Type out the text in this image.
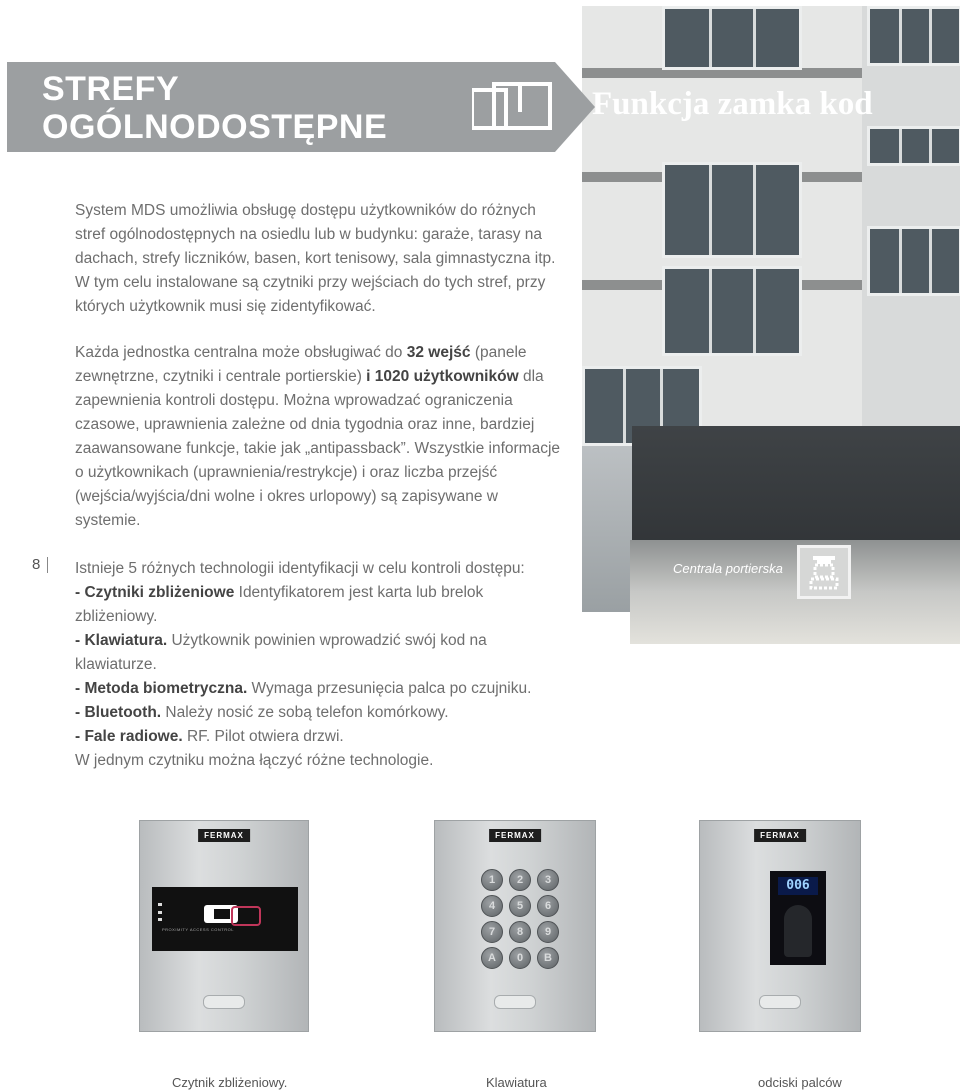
Centrala portierska
STREFY
OGÓLNODOSTĘPNE
Funkcja zamka kod
System MDS umożliwia obsługę dostępu użytkowników do różnych stref ogólnodostępnych na osiedlu lub w budynku: garaże, tarasy na dachach, strefy liczników, basen, kort tenisowy, sala gimnastyczna itp. W tym celu instalowane są czytniki przy wejściach do tych stref, przy których użytkownik musi się zidentyfikować.
Każda jednostka centralna może obsługiwać do 32 wejść (panele zewnętrzne, czytniki i centrale portierskie) i 1020 użytkowników dla zapewnienia kontroli dostępu. Można wprowadzać ograniczenia czasowe, uprawnienia zależne od dnia tygodnia oraz inne, bardziej zaawansowane funkcje, takie jak „antipassback”. Wszystkie informacje o użytkownikach (uprawnienia/restrykcje) i oraz liczba przejść (wejścia/wyjścia/dni wolne i okres urlopowy) są zapisywane w systemie.
8 Istnieje 5 różnych technologii identyfikacji w celu kontroli dostępu:
- Czytniki zbliżeniowe Identyfikatorem jest karta lub brelok zbliżeniowy.
- Klawiatura. Użytkownik powinien wprowadzić swój kod na klawiaturze.
- Metoda biometryczna. Wymaga przesunięcia palca po czujniku.
- Bluetooth. Należy nosić ze sobą telefon komórkowy.
- Fale radiowe. RF. Pilot otwiera drzwi.
W jednym czytniku można łączyć różne technologie.
FERMAX
PROXIMITY ACCESS CONTROL
FERMAX
1	2	3
4	5	6
7	8	9
A	0	B
FERMAX
006
Czytnik zbliżeniowy.	Klawiatura	odciski palców
